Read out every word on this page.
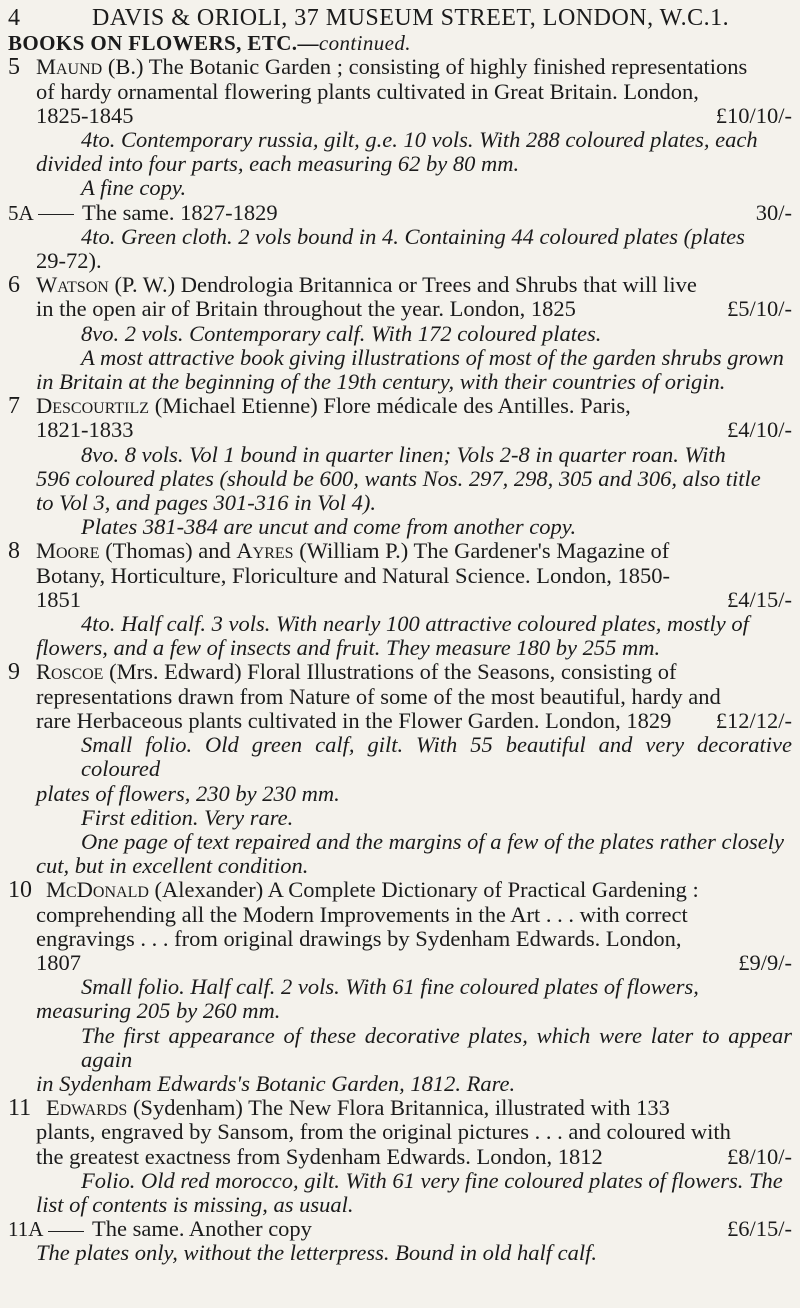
4	DAVIS & ORIOLI, 37 MUSEUM STREET, LONDON, W.C.1.
BOOKS ON FLOWERS, ETC.—continued.
5 Maund (B.) The Botanic Garden ; consisting of highly finished representations
of hardy ornamental flowering plants cultivated in Great Britain. London,
1825-1845	£10/10/-
4to. Contemporary russia, gilt, g.e. 10 vols. With 288 coloured plates, each
divided into four parts, each measuring 62 by 80 mm.
A fine copy.
5A	The same. 1827-1829	30/-
4to. Green cloth. 2 vols bound in 4. Containing 44 coloured plates (plates
29-72).
6 Watson (P. W.) Dendrologia Britannica or Trees and Shrubs that will live
in the open air of Britain throughout the year. London, 1825	£5/10/-
8vo. 2 vols. Contemporary calf. With 172 coloured plates.
A most attractive book giving illustrations of most of the garden shrubs grown
in Britain at the beginning of the 19th century, with their countries of origin.
7 Descourtilz (Michael Etienne) Flore médicale des Antilles. Paris,
1821-1833	£4/10/-
8vo. 8 vols. Vol 1 bound in quarter linen; Vols 2-8 in quarter roan. With
596 coloured plates (should be 600, wants Nos. 297, 298, 305 and 306, also title
to Vol 3, and pages 301-316 in Vol 4).
Plates 381-384 are uncut and come from another copy.
8 Moore (Thomas) and Ayres (William P.) The Gardener's Magazine of
Botany, Horticulture, Floriculture and Natural Science. London, 1850-
1851	£4/15/-
4to. Half calf. 3 vols. With nearly 100 attractive coloured plates, mostly of
flowers, and a few of insects and fruit. They measure 180 by 255 mm.
9 Roscoe (Mrs. Edward) Floral Illustrations of the Seasons, consisting of
representations drawn from Nature of some of the most beautiful, hardy and
rare Herbaceous plants cultivated in the Flower Garden. London, 1829 £12/12/-
Small folio. Old green calf, gilt. With 55 beautiful and very decorative coloured
plates of flowers, 230 by 230 mm.
First edition. Very rare.
One page of text repaired and the margins of a few of the plates rather closely
cut, but in excellent condition.
10 McDonald (Alexander) A Complete Dictionary of Practical Gardening :
comprehending all the Modern Improvements in the Art . . . with correct
engravings . . . from original drawings by Sydenham Edwards. London,
1807	£9/9/-
Small folio. Half calf. 2 vols. With 61 fine coloured plates of flowers,
measuring 205 by 260 mm.
The first appearance of these decorative plates, which were later to appear again
in Sydenham Edwards's Botanic Garden, 1812. Rare.
11 Edwards (Sydenham) The New Flora Britannica, illustrated with 133
plants, engraved by Sansom, from the original pictures . . . and coloured with
the greatest exactness from Sydenham Edwards. London, 1812	£8/10/-
Folio. Old red morocco, gilt. With 61 very fine coloured plates of flowers. The
list of contents is missing, as usual.
11A	The same. Another copy	£6/15/-
The plates only, without the letterpress. Bound in old half calf.
